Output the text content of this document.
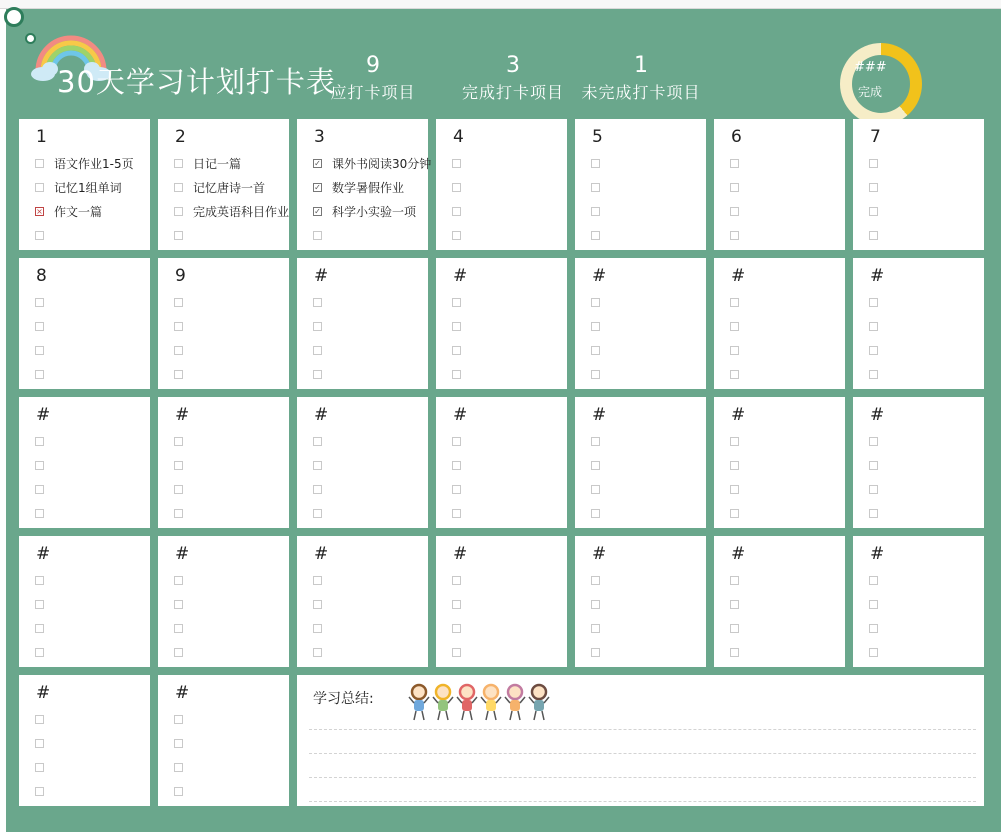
30天学习计划打卡表	9
应打卡项目
3
完成打卡项目
1
未完成打卡项目
###
完成
1
语文作业1-5页
记忆1组单词
× 作文一篇
2
日记一篇
记忆唐诗一首
完成英语科目作业
3
✓ 课外书阅读30分钟
✓ 数学暑假作业
✓ 科学小实验一项
4	5	6	7
8	9	#	#	#	#	#
#	#	#	#	#	#	#
#	#	#	#	#	#	#
#	#	学习总结:
